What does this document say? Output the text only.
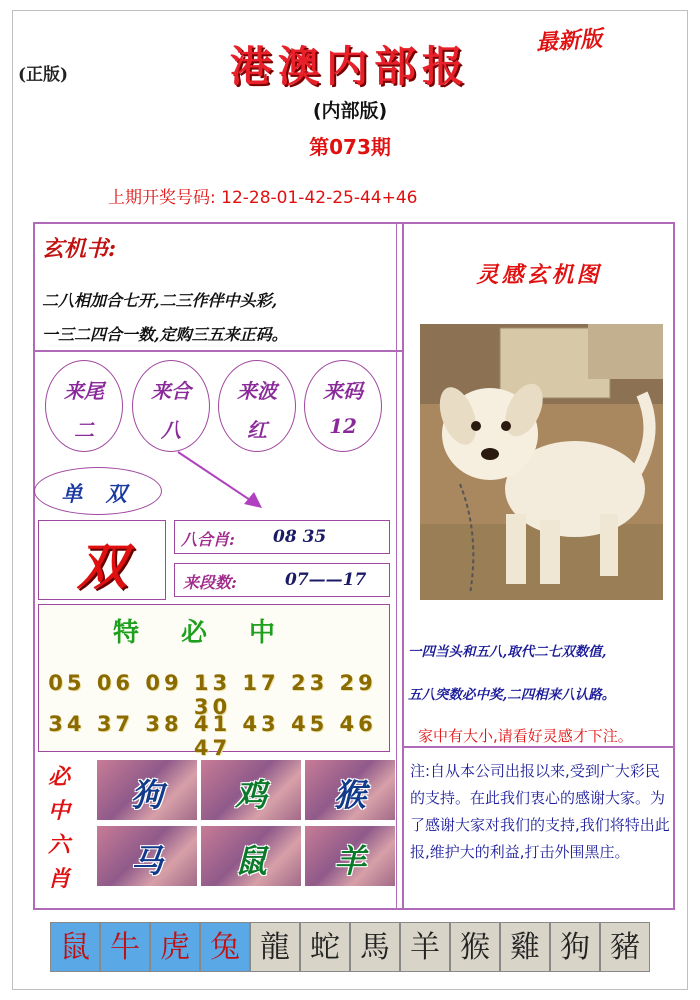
(正版)
最新版
港澳内部报
(内部版)
第073期
上期开奖号码: 12-28-01-42-25-44+46
玄机书:
二八相加合七开,二三作伴中头彩,
一三二四合一数,定购三五来正码。
来尾
二
来合
八
来波
红
来码
12
单 双
双	八合肖: 08 35
来段数:	07——17
特必中
05 06 09 13 17 23 29 30
34 37 38 41 43 45 46 47
必中六肖
狗	鸡	猴
马	鼠	羊
灵感玄机图
一四当头和五八,取代二七双数值,
五八突数必中奖,二四相来八认路。
家中有大小,请看好灵感才下注。
注:自从本公司出报以来,受到广大彩民的支持。在此我们衷心的感谢大家。为了感谢大家对我们的支持,我们将特出此报,维护大的利益,打击外围黑庄。
鼠 牛 虎 兔 龍 蛇 馬 羊 猴 雞 狗 豬
